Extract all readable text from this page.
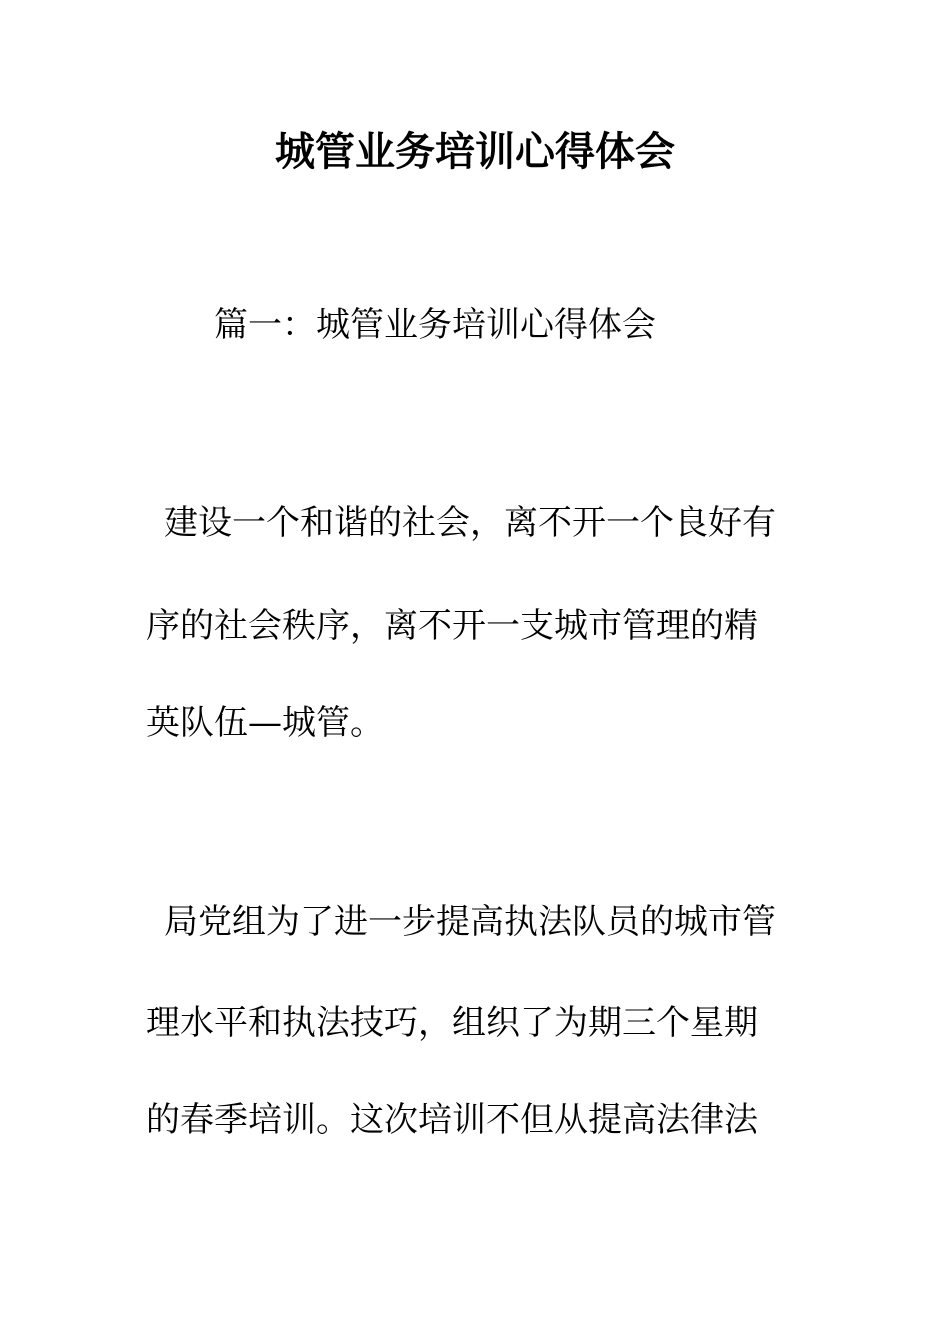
城管业务培训心得体会
篇一：城管业务培训心得体会

建设一个和谐的社会，离不开一个良好有

序的社会秩序，离不开一支城市管理的精

英队伍—城管。

局党组为了进一步提高执法队员的城市管

理水平和执法技巧，组织了为期三个星期

的春季培训。这次培训不但从提高法律法
